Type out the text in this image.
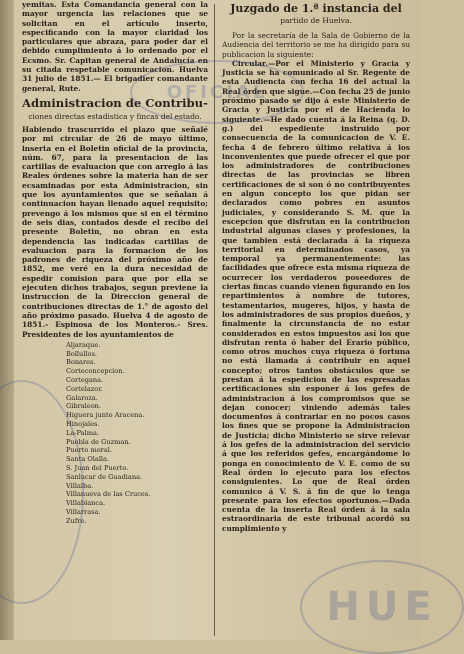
yemitas. Esta Comandancia general con la mayor urgencia las relaciones que se solicitan en el artículo inserto, especificando con la mayor claridad los particulares que abraza, para poder dar el debido cumplimiento á lo ordenado por el Ecsmo. Sr. Capitan general de Andalucía en su citada respetable comunicacion. Huelva 31 julio de 1851.— El brigadier comandante general, Rute.

Administracion de Contribu-
ciones directas estadistica y fincas del estado.

Habiendo trascurrido el plazo que señalé por mi circular de 26 de mayo último, inserta en el Boletin oficial de la provincia, núm. 67, para la presentacion de las cartillas de evaluacion que con arreglo á las Reales órdenes sobre la materia han de ser ecsaminadas por esta Administracion, sin que los ayuntamientos que se señalan á continuacion hayan llenado aquel requisito; prevengo á los mismos que si en el término de seis dias, contados desde el recibo del presente Boletin, no obran en esta dependencia las indicadas cartillas de evaluacion para la formacion de los padrones de riqueza del próximo año de 1852, me veré en la dura necesidad de espedir comision para que por ella se ejecuten dichos trabajos, segun previene la instruccion de la Direccion general de contribuciones directas de 1.° de agosto del año próximo pasado. Huelva 4 de agosto de 1851.- Espinosa de los Monteros.- Sres. Presidentes de los ayuntamientos de

Aljaraque.
Bollullos.
Bonares.
Corteconcepcion.
Cortegana.
Cortelazor.
Galaroza.
Gibraleon.
Higuera junto Aracena.
Hinojales.
La-Palma.
Puebla de Guzman.
Puerto moral.
Santa Olalla.
S. Juan del Puerto.
Sanlucar de Guadiana.
Villalba.
Villanueva de las Cruces.
Villablanca.
Villarrasa.
Zufre.
Juzgado de 1.ª instancia del
partido de Huelva.

Por la secretaría de la Sala de Gobierno de la Audiencia del territorio se me ha dirigido para su publicacion la siguiente:

Circular.—Por el Ministerio y Gracia y Justicia se ha comunicado al Sr. Regente de esta Audiencia con fecha 16 del actual la Real órden que sigue.—Con fecha 25 de junio próximo pasado se dijo á este Ministerio de Gracia y Justicia por el de Hacienda lo siguiente.—He dado cuenta á la Reina (q. D. g.) del espediente instruido por consecuencia de la comunicacion de V. E. fecha 4 de febrero último relativa á los inconvenientes que puede ofrecer el que por los administradores de contribuciones directas de las provincias se libren certificaciones de si son ó no contribuyentes en algun concepto los que pidan ser declarados como pobres en asuntos judiciales, y considerando S. M. que la escepcion que disfrutan en la contribucion industrial algunas clases y profesiones, la que tambien está declarada á la riqueza territorial en determinados casos, ya temporal ya permanentemente: las facilidades que ofrece esta misma riqueza de ocurrecer los verdaderos poseedores de ciertas fincas cuando vienen figurando en los repartimientos á nombre de tutores, testamentarios, mugeres, hijos, y hasta de los administradores de sus propios dueños, y finalmente la circunstancia de no estar considerados en estos impuestos así los que disfrutan renta ó haber del Erario público, como otros muchos cuya riqueza ó fortuna no está llamada á contribuir en aquel concepto; otros tantos obstáculos que se prestan á la espedicion de las espresadas certificaciones sin esponer á los gefes de administracion á los compromisos que se dejan conocer; viniendo además tales documentos á contrariar en no pocos casos los fines que se propone la Administracion de Justicia; dicho Ministerio se sirve relevar á los gefes de la administracion del servicio á que los referidos gefes, encargándome lo ponga en conocimiento de V. E. como de su Real órden lo ejecuto para los efectos consiguientes. Lo que de Real órden comunico á V. S. á fin de que lo tenga presente para los efectos oportunos.—Dada cuenta de la inserta Real órden á la sala estraordinaria de este tribunal acordó su cumplimiento y

OFICIAL
HUE
